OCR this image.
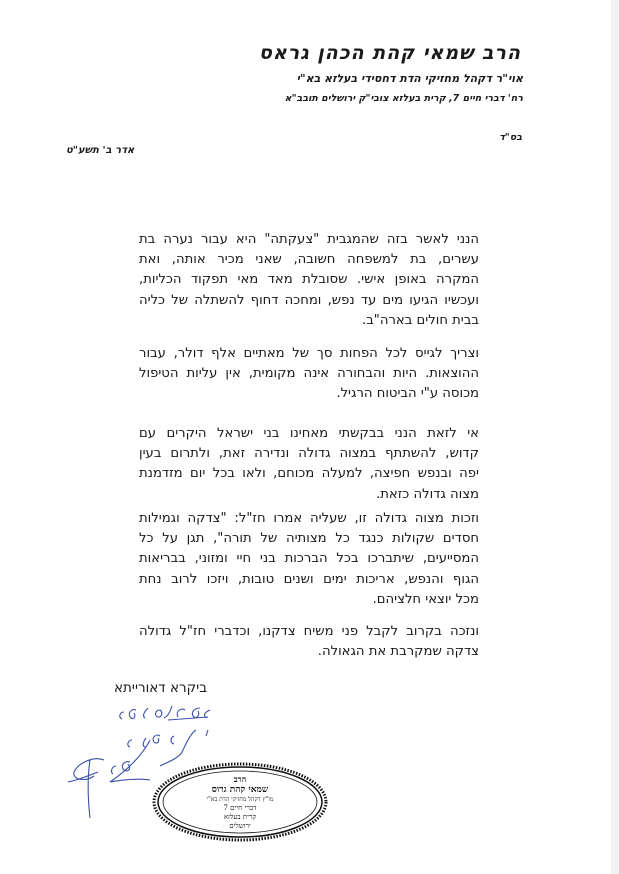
הרב שמאי קהת הכהן גראס
אוי"ר דקהל מחזיקי הדת דחסידי בעלזא בא"י
רח' דברי חיים 7, קרית בעלזא צובי"ק ירושלים תובב"א
בס"ד
אדר ב' תשע"ט
הנני לאשר בזה שהמגבית "צעקתה" היא עבור נערה בת
עשרים, בת למשפחה חשובה, שאני מכיר אותה, ואת
המקרה באופן אישי. שסובלת מאד מאי תפקוד הכליות,
ועכשיו הגיעו מים עד נפש, ומחכה דחוף להשתלה של כליה
בבית חולים בארה"ב.
וצריך לגייס לכל הפחות סך של מאתיים אלף דולר, עבור
ההוצאות. היות והבחורה אינה מקומית, אין עליות הטיפול
מכוסה ע"י הביטוח הרגיל.
אי לזאת הנני בבקשתי מאחינו בני ישראל היקרים עם
קדוש, להשתתף במצוה גדולה ונדירה זאת, ולתרום בעין
יפה ובנפש חפיצה, למעלה מכוחם, ולאו בכל יום מזדמנת
מצוה גדולה כזאת.
וזכות מצוה גדולה זו, שעליה אמרו חז"ל: "צדקה וגמילות
חסדים שקולות כנגד כל מצותיה של תורה", תגן על כל
המסייעים, שיתברכו בכל הברכות בני חיי ומזוני, בבריאות
הגוף והנפש, אריכות ימים ושנים טובות, ויזכו לרוב נחת
מכל יוצאי חלציהם.
ונזכה בקרוב לקבל פני משיח צדקנו, וכדברי חז"ל גדולה
צדקה שמקרבת את הגאולה.
ביקרא דאורייתא
הרב
שמאי קהת גרוס
מו"ץ דקהל מחזיקי הדת בא"י
דברי חיים 7
קרית בעלזא
ירושלים
